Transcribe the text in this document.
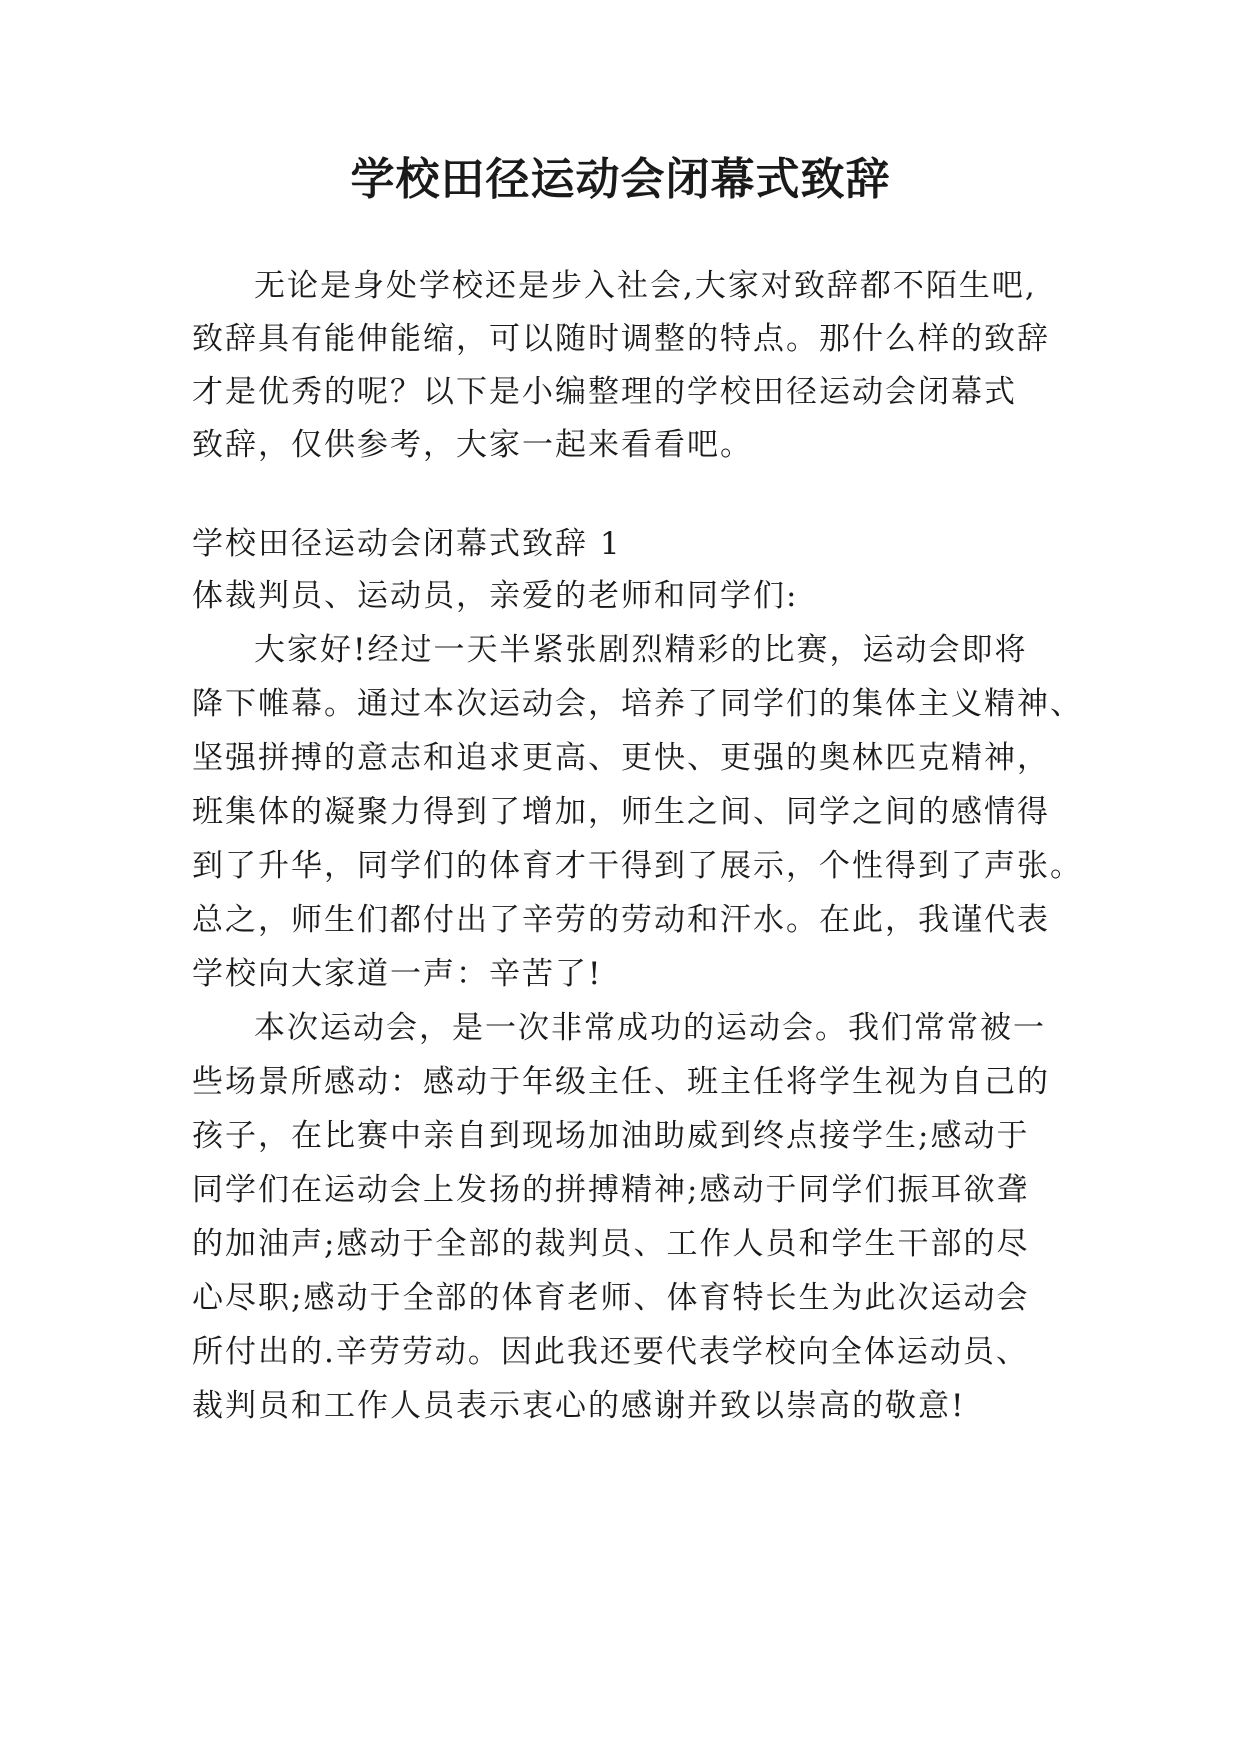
学校田径运动会闭幕式致辞

无论是身处学校还是步入社会,大家对致辞都不陌生吧,

致辞具有能伸能缩，可以随时调整的特点。那什么样的致辞

才是优秀的呢？以下是小编整理的学校田径运动会闭幕式

致辞，仅供参考，大家一起来看看吧。

学校田径运动会闭幕式致辞 1

体裁判员、运动员，亲爱的老师和同学们:

大家好!经过一天半紧张剧烈精彩的比赛，运动会即将

降下帷幕。通过本次运动会，培养了同学们的集体主义精神、

坚强拼搏的意志和追求更高、更快、更强的奥林匹克精神，

班集体的凝聚力得到了增加，师生之间、同学之间的感情得

到了升华，同学们的体育才干得到了展示，个性得到了声张。

总之，师生们都付出了辛劳的劳动和汗水。在此，我谨代表

学校向大家道一声：辛苦了!

本次运动会，是一次非常成功的运动会。我们常常被一

些场景所感动：感动于年级主任、班主任将学生视为自己的

孩子，在比赛中亲自到现场加油助威到终点接学生;感动于

同学们在运动会上发扬的拼搏精神;感动于同学们振耳欲聋

的加油声;感动于全部的裁判员、工作人员和学生干部的尽

心尽职;感动于全部的体育老师、体育特长生为此次运动会

所付出的.辛劳劳动。因此我还要代表学校向全体运动员、

裁判员和工作人员表示衷心的感谢并致以崇高的敬意!
